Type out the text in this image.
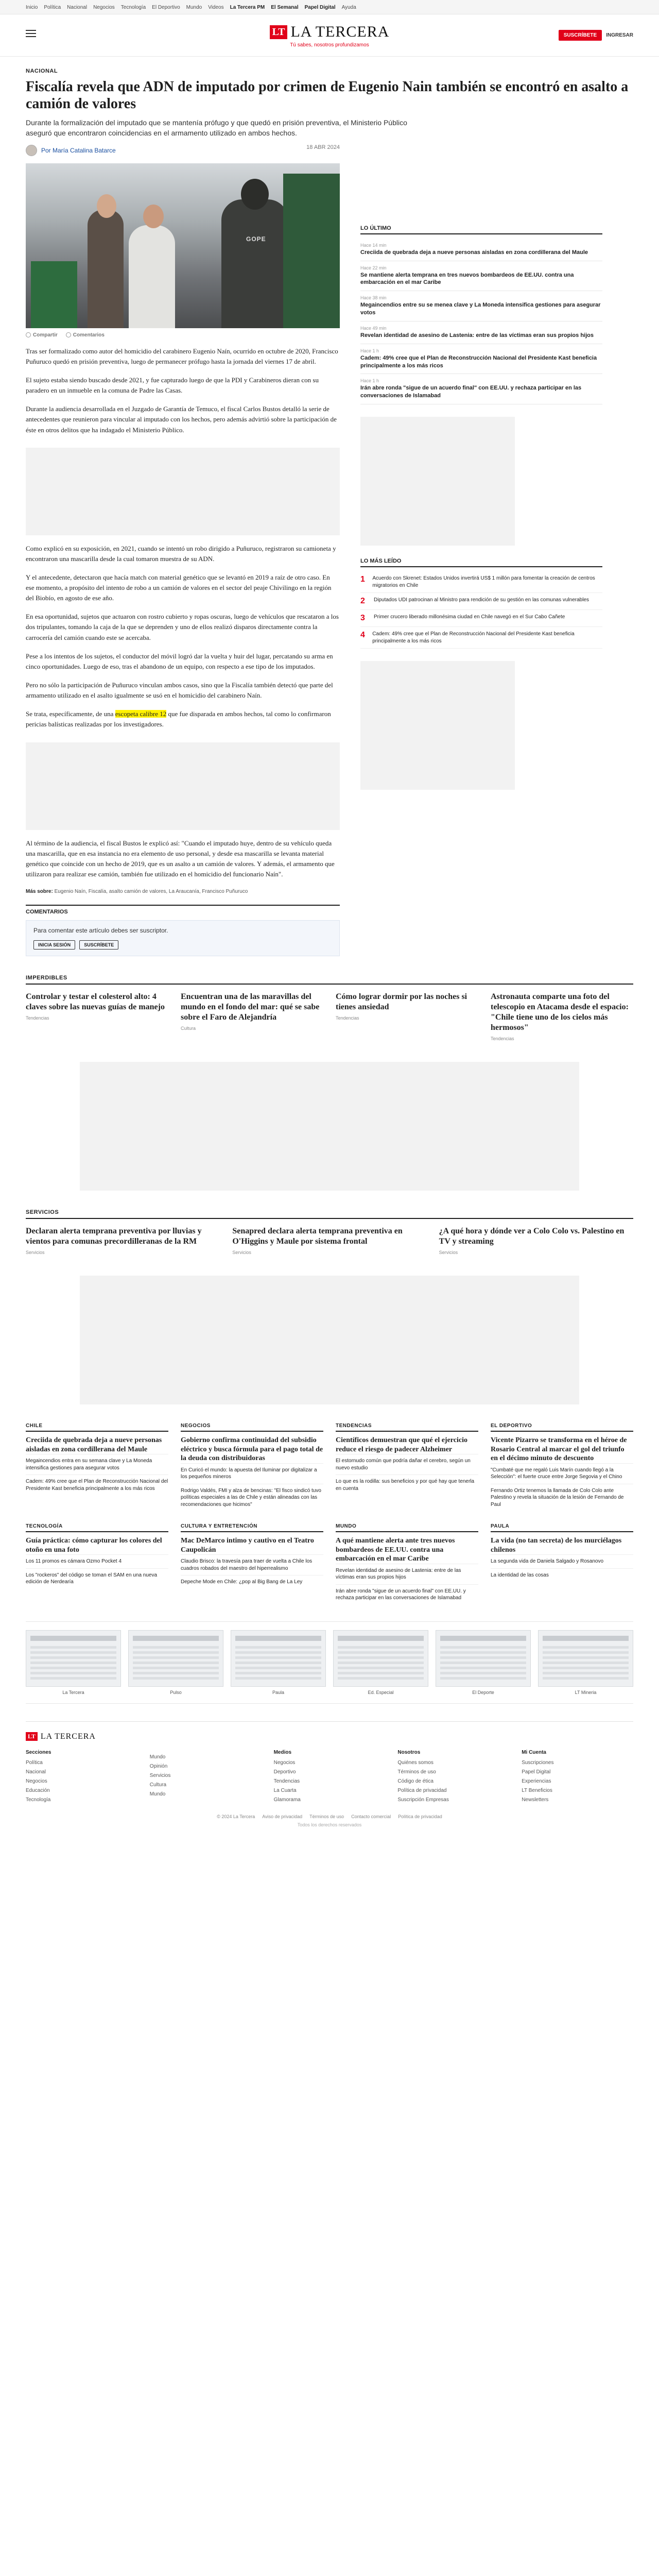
Inicio Política Nacional Negocios Tecnología El Deportivo Mundo Videos La Tercera PM El Semanal Papel Digital Ayuda
LT LA TERCERA
Tú sabes, nosotros profundizamos
SUSCRÍBETE	INGRESAR
NACIONAL
Fiscalía revela que ADN de imputado por crimen de Eugenio Nain también se encontró en asalto a camión de valores
Durante la formalización del imputado que se mantenía prófugo y que quedó en prisión preventiva, el Ministerio Público aseguró que encontraron coincidencias en el armamento utilizado en ambos hechos.
Por María Catalina Batarce	18 ABR 2024
GOPE
Compartir	Comentarios

Tras ser formalizado como autor del homicidio del carabinero Eugenio Naín, ocurrido en octubre de 2020, Francisco Puñuruco quedó en prisión preventiva, luego de permanecer prófugo hasta la jornada del viernes 17 de abril.

El sujeto estaba siendo buscado desde 2021, y fue capturado luego de que la PDI y Carabineros dieran con su paradero en un inmueble en la comuna de Padre las Casas.

Durante la audiencia desarrollada en el Juzgado de Garantía de Temuco, el fiscal Carlos Bustos detalló la serie de antecedentes que reunieron para vincular al imputado con los hechos, pero además advirtió sobre la participación de éste en otros delitos que ha indagado el Ministerio Público.

Como explicó en su exposición, en 2021, cuando se intentó un robo dirigido a Puñuruco, registraron su camioneta y encontraron una mascarilla desde la cual tomaron muestra de su ADN.

Y el antecedente, detectaron que hacía match con material genético que se levantó en 2019 a raíz de otro caso. En ese momento, a propósito del intento de robo a un camión de valores en el sector del peaje Chivilingo en la región del Biobío, en agosto de ese año.

En esa oportunidad, sujetos que actuaron con rostro cubierto y ropas oscuras, luego de vehículos que rescataron a los dos tripulantes, tomando la caja de la que se deprenden y uno de ellos realizó disparos directamente contra la carrocería del camión cuando este se acercaba.

Pese a los intentos de los sujetos, el conductor del móvil logró dar la vuelta y huir del lugar, percatando su arma en cinco oportunidades. Luego de eso, tras el abandono de un equipo, con respecto a ese tipo de los imputados.

Pero no sólo la participación de Puñuruco vinculan ambos casos, sino que la Fiscalía también detectó que parte del armamento utilizado en el asalto igualmente se usó en el homicidio del carabinero Naín.

Se trata, específicamente, de una escopeta calibre 12 que fue disparada en ambos hechos, tal como lo confirmaron pericias balísticas realizadas por los investigadores.

Al término de la audiencia, el fiscal Bustos le explicó así: "Cuando el imputado huye, dentro de su vehículo queda una mascarilla, que en esa instancia no era elemento de uso personal, y desde esa mascarilla se levanta material genético que coincide con un hecho de 2019, que es un asalto a un camión de valores. Y además, el armamento que utilizaron para realizar ese camión, también fue utilizado en el homicidio del funcionario Naín".

Más sobre: Eugenio Naín, Fiscalía, asalto camión de valores, La Araucanía, Francisco Puñuruco
COMENTARIOS
Para comentar este artículo debes ser suscriptor.
INICIA SESIÓN	SUSCRÍBETE
LO ÚLTIMO
Hace 14 min
Creciida de quebrada deja a nueve personas aisladas en zona cordillerana del Maule
Hace 22 min
Se mantiene alerta temprana en tres nuevos bombardeos de EE.UU. contra una embarcación en el mar Caribe
Hace 38 min
Megaincendios entre su se menea clave y La Moneda intensifica gestiones para asegurar votos
Hace 49 min
Revelan identidad de asesino de Lastenia: entre de las víctimas eran sus propios hijos
Hace 1 h
Cadem: 49% cree que el Plan de Reconstrucción Nacional del Presidente Kast beneficia principalmente a los más ricos
Hace 1 h
Irán abre ronda "sigue de un acuerdo final" con EE.UU. y rechaza participar en las conversaciones de Islamabad
LO MÁS LEÍDO
1	Acuerdo con Skrenet: Estados Unidos invertirá US$ 1 millón para fomentar la creación de centros migratorios en Chile
2	Diputados UDI patrocinan al Ministro para rendición de su gestión en las comunas vulnerables
3	Primer crucero liberado millonésima ciudad en Chile navegó en el Sur Cabo Cañete
4	Cadem: 49% cree que el Plan de Reconstrucción Nacional del Presidente Kast beneficia principalmente a los más ricos
IMPERDIBLES
Controlar y testar el colesterol alto: 4 claves sobre las nuevas guías de manejo
Tendencias
Encuentran una de las maravillas del mundo en el fondo del mar: qué se sabe sobre el Faro de Alejandría
Cultura
Cómo lograr dormir por las noches si tienes ansiedad
Tendencias
Astronauta comparte una foto del telescopio en Atacama desde el espacio: "Chile tiene uno de los cielos más hermosos"
Tendencias
SERVICIOS
Declaran alerta temprana preventiva por lluvias y vientos para comunas precordilleranas de la RM
Servicios
Senapred declara alerta temprana preventiva en O'Higgins y Maule por sistema frontal
Servicios
¿A qué hora y dónde ver a Colo Colo vs. Palestino en TV y streaming
Servicios
CHILE
Creciida de quebrada deja a nueve personas aisladas en zona cordillerana del Maule
Megaincendios entra en su semana clave y La Moneda intensifica gestiones para asegurar votos
Cadem: 49% cree que el Plan de Reconstrucción Nacional del Presidente Kast beneficia principalmente a los más ricos
NEGOCIOS
Gobierno confirma continuidad del subsidio eléctrico y busca fórmula para el pago total de la deuda con distribuidoras
En Curicó el mundo: la apuesta del Iluminar por digitalizar a los pequeños mineros
Rodrigo Valdés, FMI y alza de bencinas: "El fisco sindicó tuvo políticas especiales a las de Chile y están alineadas con las recomendaciones que hicimos"
TENDENCIAS
Científicos demuestran que qué el ejercicio reduce el riesgo de padecer Alzheimer
El estornudo común que podría dañar el cerebro, según un nuevo estudio
Lo que es la rodilla: sus beneficios y por qué hay que tenerla en cuenta
EL DEPORTIVO
Vicente Pizarro se transforma en el héroe de Rosario Central al marcar el gol del triunfo en el décimo minuto de descuento
"Cumbaté que me regaló Luis Marín cuando llegó a la Selección": el fuerte cruce entre Jorge Segovia y el Chino
Fernando Ortiz tenemos la llamada de Colo Colo ante Palestino y revela la situación de la lesión de Fernando de Paul
TECNOLOGÍA
Guía práctica: cómo capturar los colores del otoño en una foto
Los 11 promos es cámara Ozmo Pocket 4
Los "rockeros" del código se toman el SAM en una nueva edición de Nerdearía
CULTURA Y ENTRETENCIÓN
Mac DeMarco intimo y cautivo en el Teatro Caupolicán
Claudio Brisco: la travesía para traer de vuelta a Chile los cuadros robados del maestro del hiperrealismo
Depeche Mode en Chile: ¿pop al Big Bang de La Ley
MUNDO
A qué mantiene alerta ante tres nuevos bombardeos de EE.UU. contra una embarcación en el mar Caribe
Revelan identidad de asesino de Lastenia: entre de las víctimas eran sus propios hijos
Irán abre ronda "sigue de un acuerdo final" con EE.UU. y rechaza participar en las conversaciones de Islamabad
PAULA
La vida (no tan secreta) de los murciélagos chilenos
La segunda vida de Daniela Salgado y Rosanovo
La identidad de las cosas
La Tercera	Pulso	Paula	Ed. Especial	El Deporte	LT Mineria
LT LA TERCERA
Secciones
Política
Nacional
Negocios
Educación
Tecnología
Mundo
Opinión
Servicios
Cultura
Mundo
Medios
Negocios
Deportivo
Tendencias
La Cuarta
Glamorama
Nosotros
Quiénes somos
Términos de uso
Código de ética
Política de privacidad
Suscripción Empresas
Mi Cuenta
Suscripciones
Papel Digital
Experiencias
LT Beneficios
Newsletters
© 2024 La Tercera Aviso de privacidad Términos de uso Contacto comercial Política de privacidad
Todos los derechos reservados
